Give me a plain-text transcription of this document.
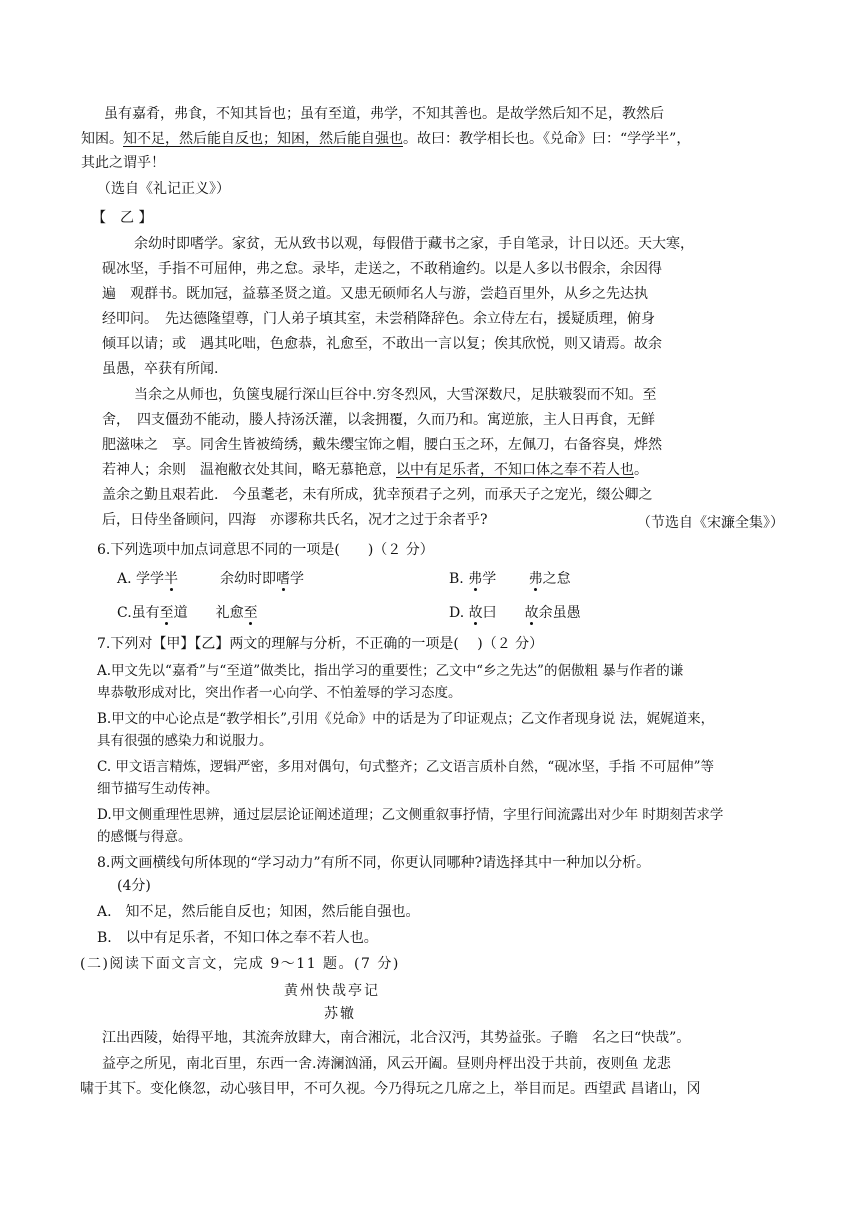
虽有嘉肴，弗食，不知其旨也；虽有至道，弗学，不知其善也。是故学然后知不足，教然后
知困。知不足，然后能自反也；知困，然后能自强也。故曰：教学相长也。《兑命》曰：“学学半”，
其此之谓乎！
（选自《礼记正义》）
【　乙 】
余幼时即嗜学。家贫，无从致书以观，每假借于藏书之家，手自笔录，计日以还。天大寒，
砚冰坚，手指不可屈伸，弗之怠。录毕，走送之，不敢稍逾约。以是人多以书假余，余因得
遍　观群书。既加冠，益慕圣贤之道。又患无硕师名人与游，尝趋百里外，从乡之先达执
经叩问。　先达德隆望尊，门人弟子填其室，未尝稍降辞色。余立侍左右，援疑质理，俯身
倾耳以请；或　遇其叱咄，色愈恭，礼愈至，不敢出一言以复；俟其欣悦，则又请焉。故余
虽愚，卒获有所闻.
当余之从师也，负箧曳屣行深山巨谷中.穷冬烈风，大雪深数尺，足肤皲裂而不知。至
舍，　四支僵劲不能动，媵人持汤沃灌，以衾拥覆，久而乃和。寓逆旅，主人日再食，无鲜
肥滋味之　享。同舍生皆被绮绣，戴朱缨宝饰之帽，腰白玉之环，左佩刀，右备容臭，烨然
若神人；余则　温袍敝衣处其间，略无慕艳意，以中有足乐者，不知口体之奉不若人也。
盖余之勤且艰若此.　今虽耄老，未有所成，犹幸预君子之列，而承天子之宠光，缀公卿之
后，日侍坐备顾问，四海　亦谬称共氏名，况才之过于余者乎?	（节选自《宋濂全集》）
6.下列选项中加点词意思不同的一项是(　　)（２ 分）
A. 学学半　　　余幼时即嗜学	B. 弗学　　 弗之怠
C.虽有至道　　礼愈至	D. 故曰　　故余虽愚
7.下列对【甲】【乙】两文的理解与分析，不正确的一项是(　 )（２ 分）
A.甲文先以“嘉肴”与“至道”做类比，指出学习的重要性；乙文中“乡之先达”的倨傲粗 暴与作者的谦
卑恭敬形成对比，突出作者一心向学、不怕羞辱的学习态度。
B.甲文的中心论点是“教学相长”,引用《兑命》中的话是为了印证观点；乙文作者现身说 法，娓娓道来，
具有很强的感染力和说服力。
C. 甲文语言精炼，逻辑严密，多用对偶句，句式整齐；乙文语言质朴自然，“砚冰坚，手指 不可屈伸”等
细节描写生动传神。
D.甲文侧重理性思辨，通过层层论证阐述道理；乙文侧重叙事抒情，字里行间流露出对少年 时期刻苦求学
的感慨与得意。
8.两文画横线句所体现的“学习动力”有所不同，你更认同哪种?请选择其中一种加以分析。
(4分)
A.　知不足，然后能自反也；知困，然后能自强也。
B.　以中有足乐者，不知口体之奉不若人也。
(二)阅读下面文言文，完成 9～11 题。(7 分)
黄州快哉亭记
苏辙
江出西陵，始得平地，其流奔放肆大，南合湘沅，北合汉沔，其势益张。子瞻　名之曰“快哉”。
益亭之所见，南北百里，东西一舍.涛澜汹涌，风云开阖。昼则舟枰出没于共前，夜则鱼 龙悲
啸于其下。变化倏忽，动心骇目甲，不可久视。今乃得玩之几席之上，举目而足。西望武 昌诸山，冈
